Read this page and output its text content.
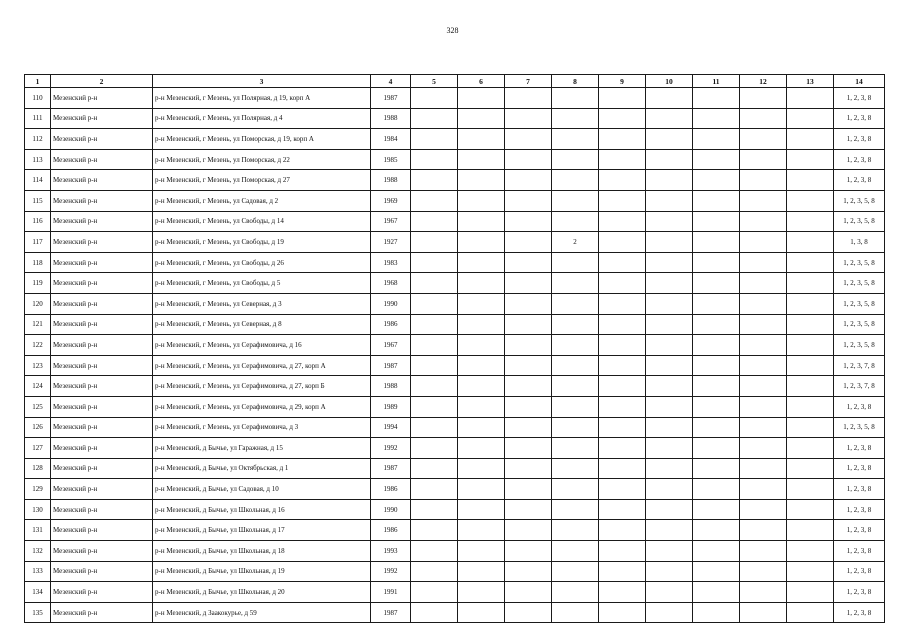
328
1	2	3	4	5	6	7	8	9	10	11	12	13	14
110	Мезенский р-н	р-н Мезенский, г Мезень, ул Полярная, д 19, корп А	1987										1, 2, 3, 8
111	Мезенский р-н	р-н Мезенский, г Мезень, ул Полярная, д 4	1988										1, 2, 3, 8
112	Мезенский р-н	р-н Мезенский, г Мезень, ул Поморская, д 19, корп А	1984										1, 2, 3, 8
113	Мезенский р-н	р-н Мезенский, г Мезень, ул Поморская, д 22	1985										1, 2, 3, 8
114	Мезенский р-н	р-н Мезенский, г Мезень, ул Поморская, д 27	1988										1, 2, 3, 8
115	Мезенский р-н	р-н Мезенский, г Мезень, ул Садовая, д 2	1969										1, 2, 3, 5, 8
116	Мезенский р-н	р-н Мезенский, г Мезень, ул Свободы, д 14	1967										1, 2, 3, 5, 8
117	Мезенский р-н	р-н Мезенский, г Мезень, ул Свободы, д 19	1927				2						1, 3, 8
118	Мезенский р-н	р-н Мезенский, г Мезень, ул Свободы, д 26	1983										1, 2, 3, 5, 8
119	Мезенский р-н	р-н Мезенский, г Мезень, ул Свободы, д 5	1968										1, 2, 3, 5, 8
120	Мезенский р-н	р-н Мезенский, г Мезень, ул Северная, д 3	1990										1, 2, 3, 5, 8
121	Мезенский р-н	р-н Мезенский, г Мезень, ул Северная, д 8	1986										1, 2, 3, 5, 8
122	Мезенский р-н	р-н Мезенский, г Мезень, ул Серафимовича, д 16	1967										1, 2, 3, 5, 8
123	Мезенский р-н	р-н Мезенский, г Мезень, ул Серафимовича, д 27, корп А	1987										1, 2, 3, 7, 8
124	Мезенский р-н	р-н Мезенский, г Мезень, ул Серафимовича, д 27, корп Б	1988										1, 2, 3, 7, 8
125	Мезенский р-н	р-н Мезенский, г Мезень, ул Серафимовича, д 29, корп А	1989										1, 2, 3, 8
126	Мезенский р-н	р-н Мезенский, г Мезень, ул Серафимовича, д 3	1994										1, 2, 3, 5, 8
127	Мезенский р-н	р-н Мезенский, д Бычье, ул Гаражная, д 15	1992										1, 2, 3, 8
128	Мезенский р-н	р-н Мезенский, д Бычье, ул Октябрьская, д 1	1987										1, 2, 3, 8
129	Мезенский р-н	р-н Мезенский, д Бычье, ул Садовая, д 10	1986										1, 2, 3, 8
130	Мезенский р-н	р-н Мезенский, д Бычье, ул Школьная, д 16	1990										1, 2, 3, 8
131	Мезенский р-н	р-н Мезенский, д Бычье, ул Школьная, д 17	1986										1, 2, 3, 8
132	Мезенский р-н	р-н Мезенский, д Бычье, ул Школьная, д 18	1993										1, 2, 3, 8
133	Мезенский р-н	р-н Мезенский, д Бычье, ул Школьная, д 19	1992										1, 2, 3, 8
134	Мезенский р-н	р-н Мезенский, д Бычье, ул Школьная, д 20	1991										1, 2, 3, 8
135	Мезенский р-н	р-н Мезенский, д Заакокурье, д 59	1987										1, 2, 3, 8
